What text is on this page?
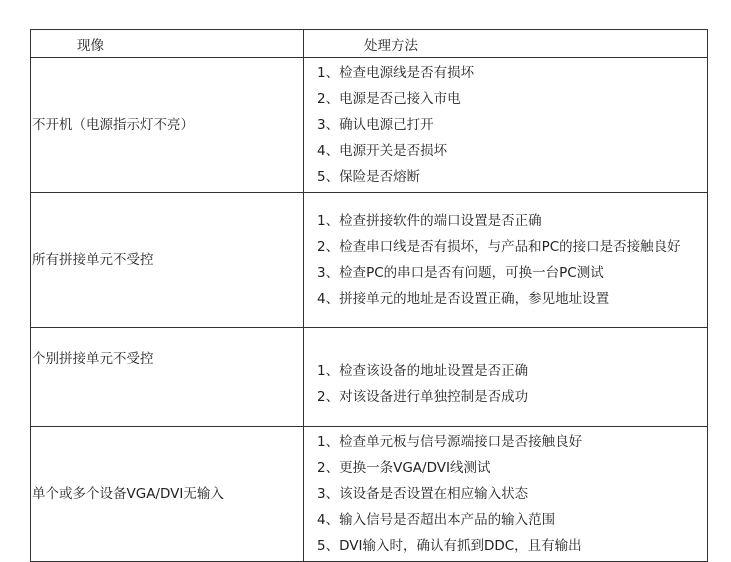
现像	处理方法
不开机（电源指示灯不亮）	1、检查电源线是否有损坏
2、电源是否己接入市电
3、确认电源己打开
4、电源开关是否损坏
5、保险是否熔断

所有拼接单元不受控	1、检查拼接软件的端口设置是否正确
2、检查串口线是否有损坏，与产品和PC的接口是否接触良好
3、检查PC的串口是否有问题，可换一台PC测试
4、拼接单元的地址是否设置正确，参见地址设置

个别拼接单元不受控	1、检查该设备的地址设置是否正确
2、对该设备进行单独控制是否成功

单个或多个设备VGA/DVI无输入	1、检查单元板与信号源端接口是否接触良好
2、更换一条VGA/DVI线测试
3、该设备是否设置在相应输入状态
4、输入信号是否超出本产品的输入范围
5、DVI输入时，确认有抓到DDC，且有输出
